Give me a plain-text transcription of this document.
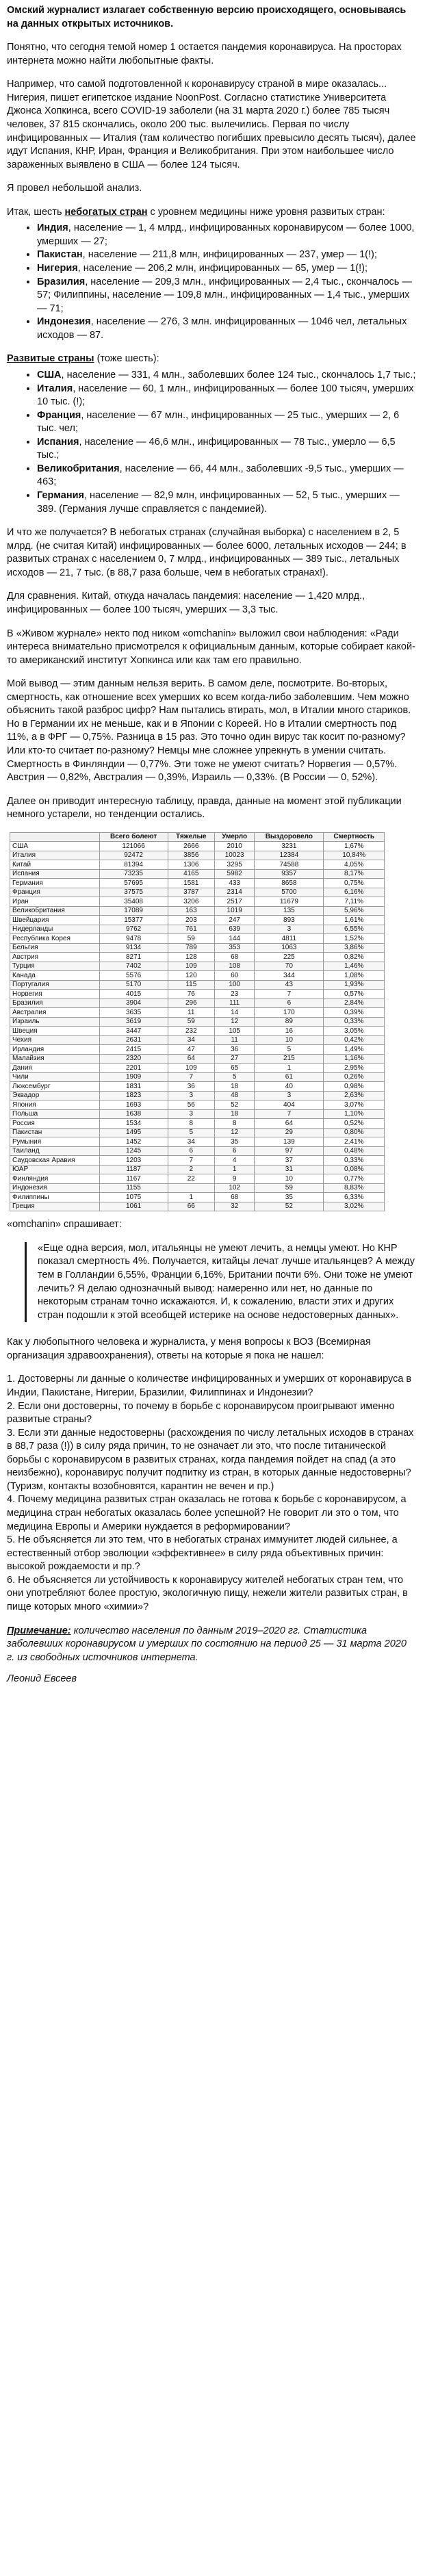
Омский журналист излагает собственную версию происходящего, основываясь на данных открытых источников.

Понятно, что сегодня темой номер 1 остается пандемия коронавируса. На просторах интернета можно найти любопытные факты.

Например, что самой подготовленной к коронавирусу страной в мире оказалась... Нигерия, пишет египетское издание NoonPost. Согласно статистике Университета Джонса Хопкинса, всего COVID-19 заболели (на 31 марта 2020 г.) более 785 тысяч человек, 37 815 скончались, около 200 тыс. вылечились. Первая по числу инфицированных — Италия (там количество погибших превысило десять тысяч), далее идут Испания, КНР, Иран, Франция и Великобритания. При этом наибольшее число зараженных выявлено в США — более 124 тысяч.

Я провел небольшой анализ.

Итак, шесть небогатых стран с уровнем медицины ниже уровня развитых стран:

• Индия, население — 1, 4 млрд., инфицированных коронавирусом — более 1000, умерших — 27;
• Пакистан, население — 211,8 млн, инфицированных — 237, умер — 1(!);
• Нигерия, население — 206,2 млн, инфицированных — 65, умер — 1(!);
• Бразилия, население — 209,3 млн., инфицированных — 2,4 тыс., скончалось — 57; Филиппины, население — 109,8 млн., инфицированных — 1,4 тыс., умерших — 71;
• Индонезия, население — 276, 3 млн. инфицированных — 1046 чел, летальных исходов — 87.

Развитые страны (тоже шесть):

• США, население — 331, 4 млн., заболевших более 124 тыс., скончалось 1,7 тыс.;
• Италия, население — 60, 1 млн., инфицированных — более 100 тысяч, умерших 10 тыс. (!);
• Франция, население — 67 млн., инфицированных — 25 тыс., умерших — 2, 6 тыс. чел;
• Испания, население — 46,6 млн., инфицированных — 78 тыс., умерло — 6,5 тыс.;
• Великобритания, население — 66, 44 млн., заболевших -9,5 тыс., умерших — 463;
• Германия, население — 82,9 млн, инфицированных — 52, 5 тыс., умерших — 389. (Германия лучше справляется с пандемией).

И что же получается? В небогатых странах (случайная выборка) с населением в 2, 5 млрд. (не считая Китай) инфицированных — более 6000, летальных исходов — 244; в развитых странах с населением 0, 7 млрд., инфицированных — 389 тыс., летальных исходов — 21, 7 тыс. (в 88,7 раза больше, чем в небогатых странах!).

Для сравнения. Китай, откуда началась пандемия: население — 1,420 млрд., инфицированных — более 100 тысяч, умерших — 3,3 тыс.

В «Живом журнале» некто под ником «omchanin» выложил свои наблюдения: «Ради интереса внимательно присмотрелся к официальным данным, которые собирает какой-то американский институт Хопкинса или как там его правильно.

Мой вывод — этим данным нельзя верить. В самом деле, посмотрите. Во-вторых, смертность, как отношение всех умерших ко всем когда-либо заболевшим. Чем можно объяснить такой разброс цифр? Нам пытались втирать, мол, в Италии много стариков. Но в Германии их не меньше, как и в Японии с Кореей. Но в Италии смертность под 11%, а в ФРГ — 0,75%. Разница в 15 раз. Это точно один вирус так косит по-разному? Или кто-то считает по-разному? Немцы мне сложнее упрекнуть в умении считать. Смертность в Финляндии — 0,77%. Эти тоже не умеют считать? Норвегия — 0,57%. Австрия — 0,82%, Австралия — 0,39%, Израиль — 0,33%. (В России — 0, 52%).

Далее он приводит интересную таблицу, правда, данные на момент этой публикации немного устарели, но тенденции остались.

	Всего болеют	Тяжелые	Умерло	Выздоровело	Смертность
США	121066	2666	2010	3231	1,67%
Италия	92472	3856	10023	12384	10,84%
Китай	81394	1306	3295	74588	4,05%
Испания	73235	4165	5982	9357	8,17%
Германия	57695	1581	433	8658	0,75%
Франция	37575	3787	2314	5700	6,16%
Иран	35408	3206	2517	11679	7,11%
Великобритания	17089	163	1019	135	5,96%
Швейцария	15377	203	247	893	1,61%
Нидерланды	9762	761	639	3	6,55%
Республика Корея	9478	59	144	4811	1,52%
Бельгия	9134	789	353	1063	3,86%
Австрия	8271	128	68	225	0,82%
Турция	7402	109	108	70	1,46%
Канада	5576	120	60	344	1,08%
Португалия	5170	115	100	43	1,93%
Норвегия	4015	76	23	7	0,57%
Бразилия	3904	296	111	6	2,84%
Австралия	3635	11	14	170	0,39%
Израиль	3619	59	12	89	0,33%
Швеция	3447	232	105	16	3,05%
Чехия	2631	34	11	10	0,42%
Ирландия	2415	47	36	5	1,49%
Малайзия	2320	64	27	215	1,16%
Дания	2201	109	65	1	2,95%
Чили	1909	7	5	61	0,26%
Люксембург	1831	36	18	40	0,98%
Эквадор	1823	3	48	3	2,63%
Япония	1693	56	52	404	3,07%
Польша	1638	3	18	7	1,10%
Россия	1534	8	8	64	0,52%
Пакистан	1495	5	12	29	0,80%
Румыния	1452	34	35	139	2,41%
Таиланд	1245	6	6	97	0,48%
Саудовская Аравия	1203	7	4	37	0,33%
ЮАР	1187	2	1	31	0,08%
Финляндия	1167	22	9	10	0,77%
Индонезия	1155		102	59	8,83%
Филиппины	1075	1	68	35	6,33%
Греция	1061	66	32	52	3,02%

«omchanin» спрашивает:

«Еще одна версия, мол, итальянцы не умеют лечить, а немцы умеют. Но КНР показал смертность 4%. Получается, китайцы лечат лучше итальянцев? А между тем в Голландии 6,55%, Франции 6,16%, Британии почти 6%. Они тоже не умеют лечить? Я делаю однозначный вывод: намеренно или нет, но данные по некоторым странам точно искажаются. И, к сожалению, власти этих и других стран подошли к этой всеобщей истерике на основе недостоверных данных».

Как у любопытного человека и журналиста, у меня вопросы к ВОЗ (Всемирная организация здравоохранения), ответы на которые я пока не нашел:

1. Достоверны ли данные о количестве инфицированных и умерших от коронавируса в Индии, Пакистане, Нигерии, Бразилии, Филиппинах и Индонезии?
2. Если они достоверны, то почему в борьбе с коронавирусом проигрывают именно развитые страны?
3. Если эти данные недостоверны (расхождения по числу летальных исходов в странах в 88,7 раза (!)) в силу ряда причин, то не означает ли это, что после титанической борьбы с коронавирусом в развитых странах, когда пандемия пойдет на спад (а это неизбежно), коронавирус получит подпитку из стран, в которых данные недостоверны? (Туризм, контакты возобновятся, карантин не вечен и пр.)
4. Почему медицина развитых стран оказалась не готова к борьбе с коронавирусом, а медицина стран небогатых оказалась более успешной? Не говорит ли это о том, что медицина Европы и Америки нуждается в реформировании?
5. Не объясняется ли это тем, что в небогатых странах иммунитет людей сильнее, а естественный отбор эволюции «эффективнее» в силу ряда объективных причин: высокой рождаемости и пр.?
6. Не объясняется ли устойчивость к коронавирусу жителей небогатых стран тем, что они употребляют более простую, экологичную пищу, нежели жители развитых стран, в пище которых много «химии»?

Примечание: количество населения по данным 2019–2020 гг. Статистика заболевших коронавирусом и умерших по состоянию на период 25 — 31 марта 2020 г. из свободных источников интернета.

Леонид Евсеев
